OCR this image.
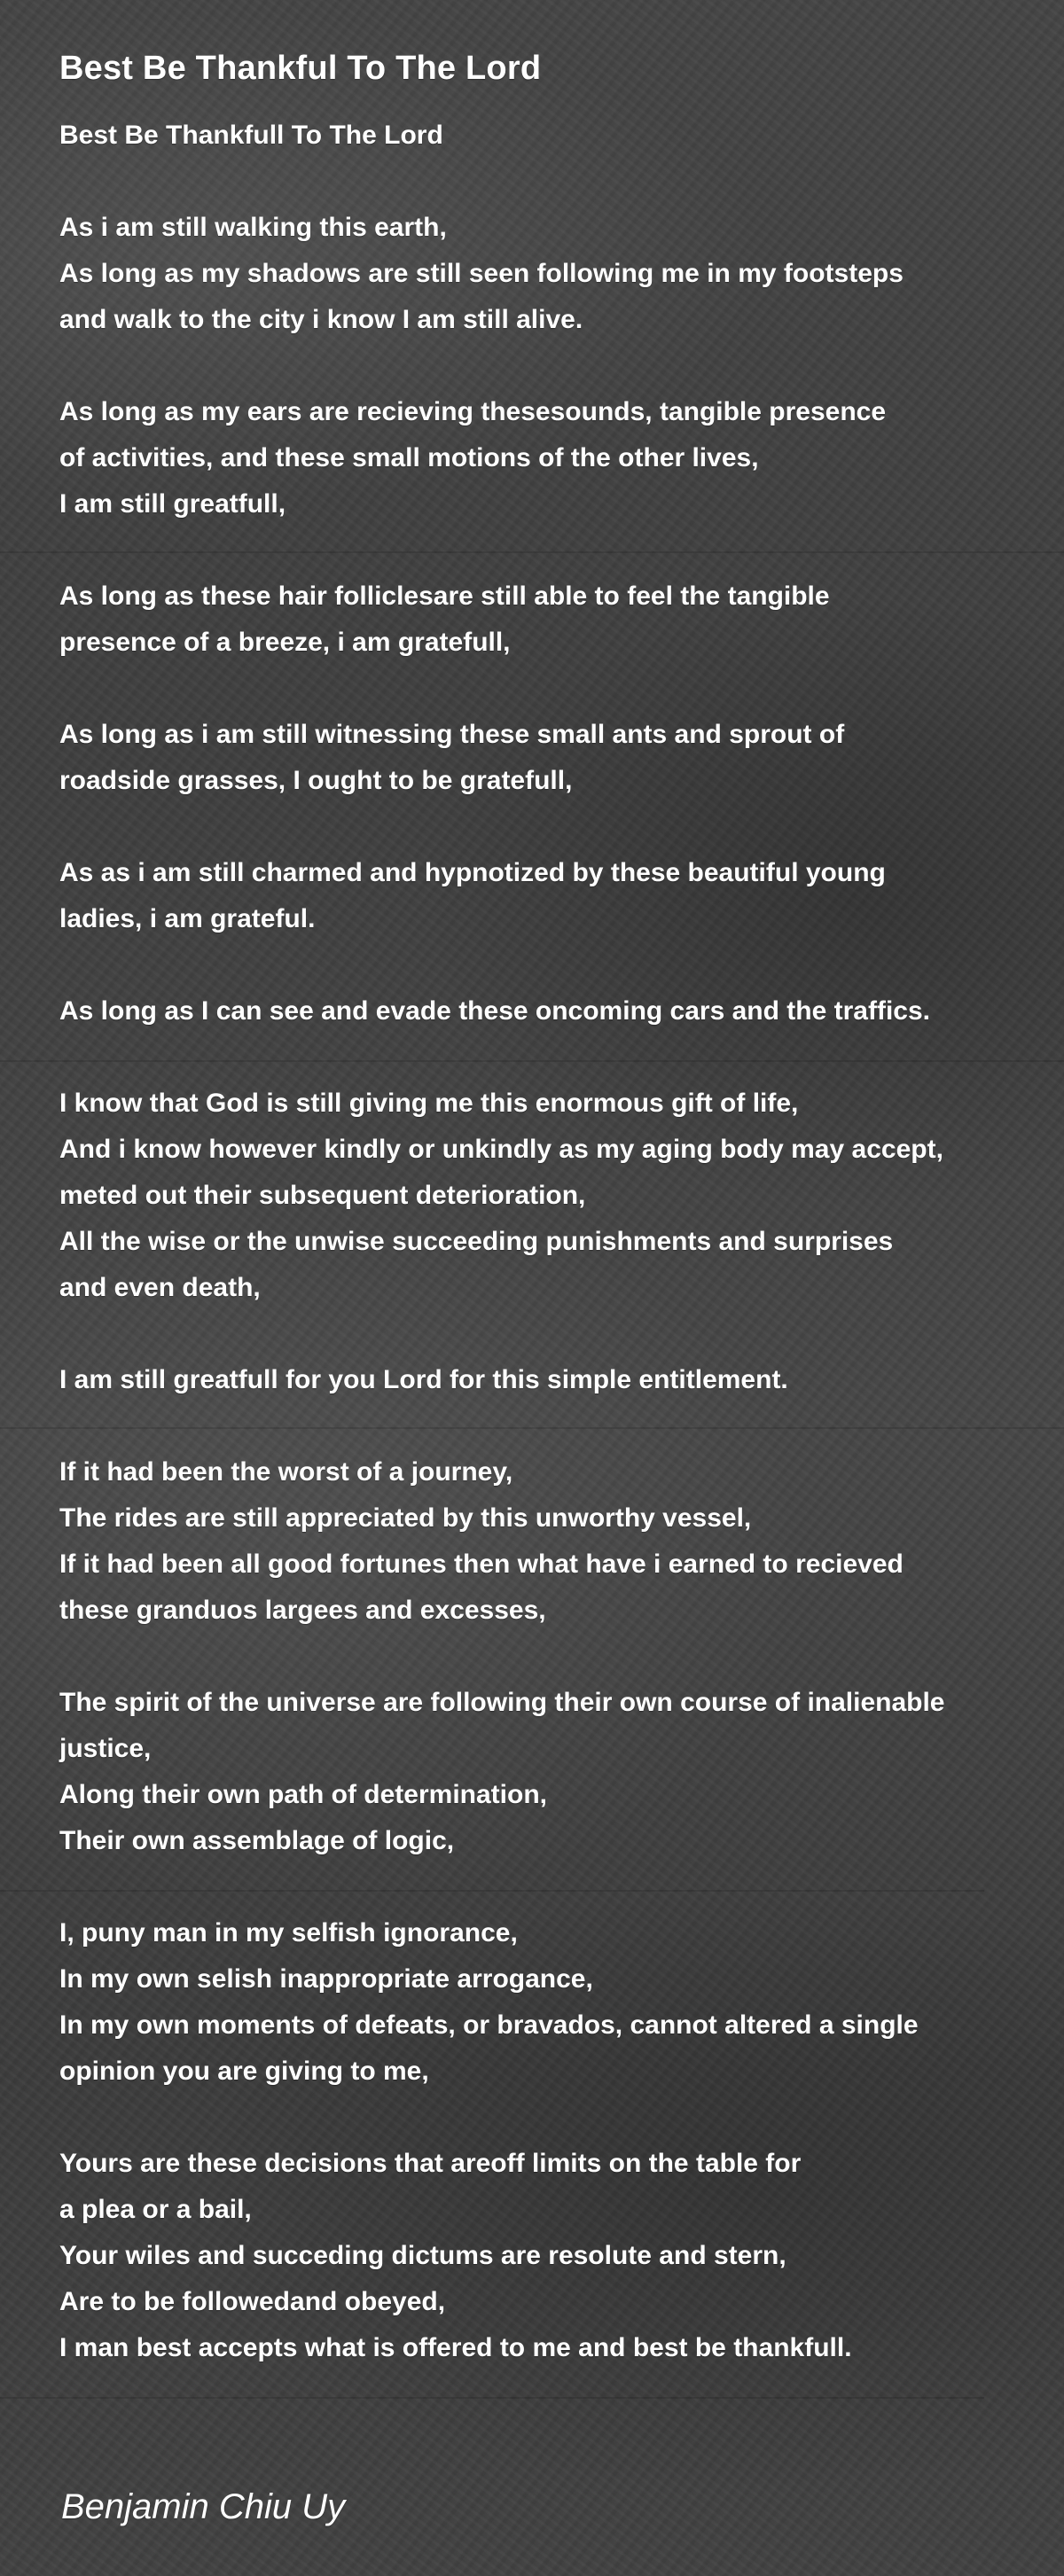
Best Be Thankful To The Lord
Best Be Thankfull To The Lord
As i am still walking this earth,
As long as my shadows are still seen following me in my footsteps
and walk to the city i know I am still alive.
As long as my ears are recieving thesesounds, tangible presence
of activities, and these small motions of the other lives,
I am still greatfull,
As long as these hair folliclesare still able to feel the tangible
presence of a breeze, i am gratefull,
As long as i am still witnessing these small ants and sprout of
roadside grasses, I ought to be gratefull,
As as i am still charmed and hypnotized by these beautiful young
ladies, i am grateful.
As long as I can see and evade these oncoming cars and the traffics.
I know that God is still giving me this enormous gift of life,
And i know however kindly or unkindly as my aging body may accept,
meted out their subsequent deterioration,
All the wise or the unwise succeeding punishments and surprises
and even death,
I am still greatfull for you Lord for this simple entitlement.
If it had been the worst of a journey,
The rides are still appreciated by this unworthy vessel,
If it had been all good fortunes then what have i earned to recieved
these granduos largees and excesses,
The spirit of the universe are following their own course of inalienable
justice,
Along their own path of determination,
Their own assemblage of logic,
I, puny man in my selfish ignorance,
In my own selish inappropriate arrogance,
In my own moments of defeats, or bravados, cannot altered a single
opinion you are giving to me,
Yours are these decisions that areoff limits on the table for
a plea or a bail,
Your wiles and succeding dictums are resolute and stern,
Are to be followedand obeyed,
I man best accepts what is offered to me and best be thankfull.

Benjamin Chiu Uy
